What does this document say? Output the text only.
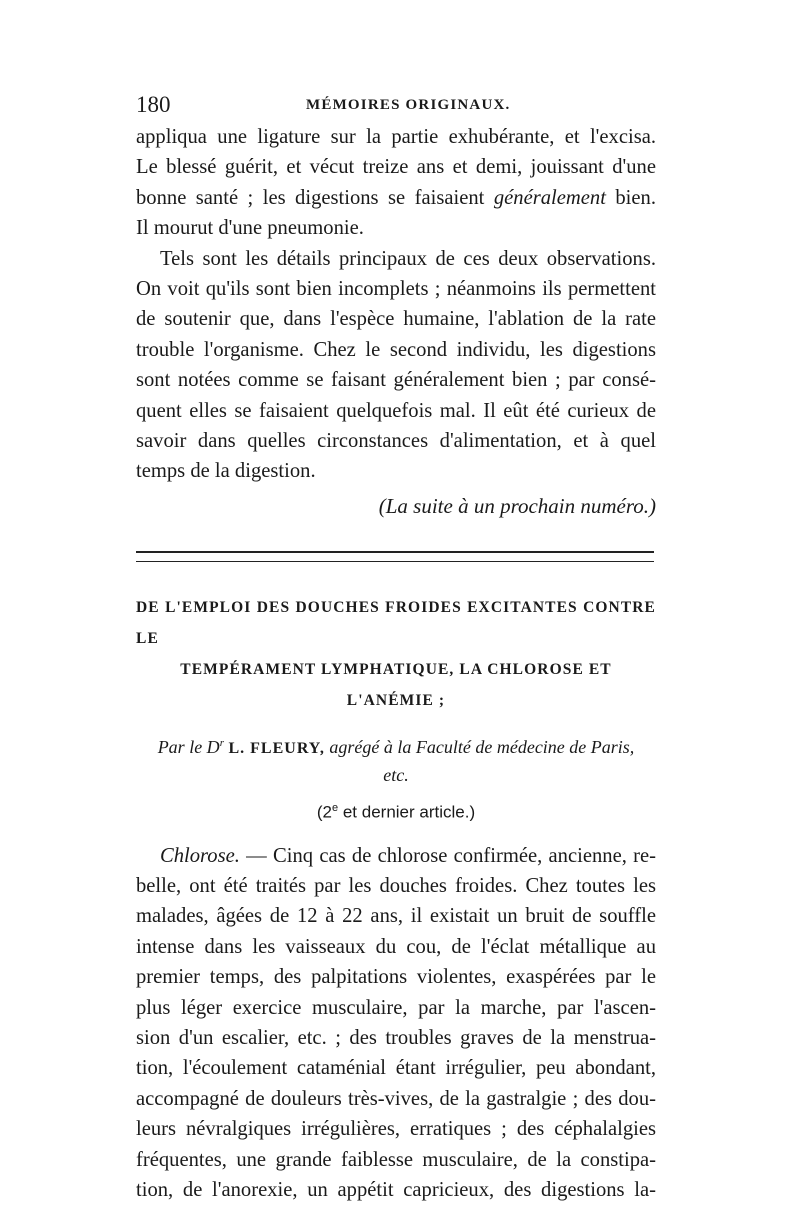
180	MÉMOIRES ORIGINAUX.
appliqua une ligature sur la partie exhubérante, et l'excisa.
Le blessé guérit, et vécut treize ans et demi, jouissant d'une
bonne santé ; les digestions se faisaient généralement bien.
Il mourut d'une pneumonie.
Tels sont les détails principaux de ces deux observations.
On voit qu'ils sont bien incomplets ; néanmoins ils permettent
de soutenir que, dans l'espèce humaine, l'ablation de la rate
trouble l'organisme. Chez le second individu, les digestions
sont notées comme se faisant généralement bien ; par consé-
quent elles se faisaient quelquefois mal. Il eût été curieux de
savoir dans quelles circonstances d'alimentation, et à quel
temps de la digestion.
(La suite à un prochain numéro.)
DE L'EMPLOI DES DOUCHES FROIDES EXCITANTES CONTRE LE
TEMPÉRAMENT LYMPHATIQUE, LA CHLOROSE ET L'ANÉMIE ;
Par le $D^r$ L. FLEURY, agrégé à la Faculté de médecine de Paris, etc.
(2e et dernier article.)
Chlorose. — Cinq cas de chlorose confirmée, ancienne, re-
belle, ont été traités par les douches froides. Chez toutes les
malades, âgées de 12 à 22 ans, il existait un bruit de souffle
intense dans les vaisseaux du cou, de l'éclat métallique au
premier temps, des palpitations violentes, exaspérées par le
plus léger exercice musculaire, par la marche, par l'ascen-
sion d'un escalier, etc. ; des troubles graves de la menstrua-
tion, l'écoulement cataménial étant irrégulier, peu abondant,
accompagné de douleurs très-vives, de la gastralgie ; des dou-
leurs névralgiques irrégulières, erratiques ; des céphalalgies
fréquentes, une grande faiblesse musculaire, de la constipa-
tion, de l'anorexie, un appétit capricieux, des digestions la-
